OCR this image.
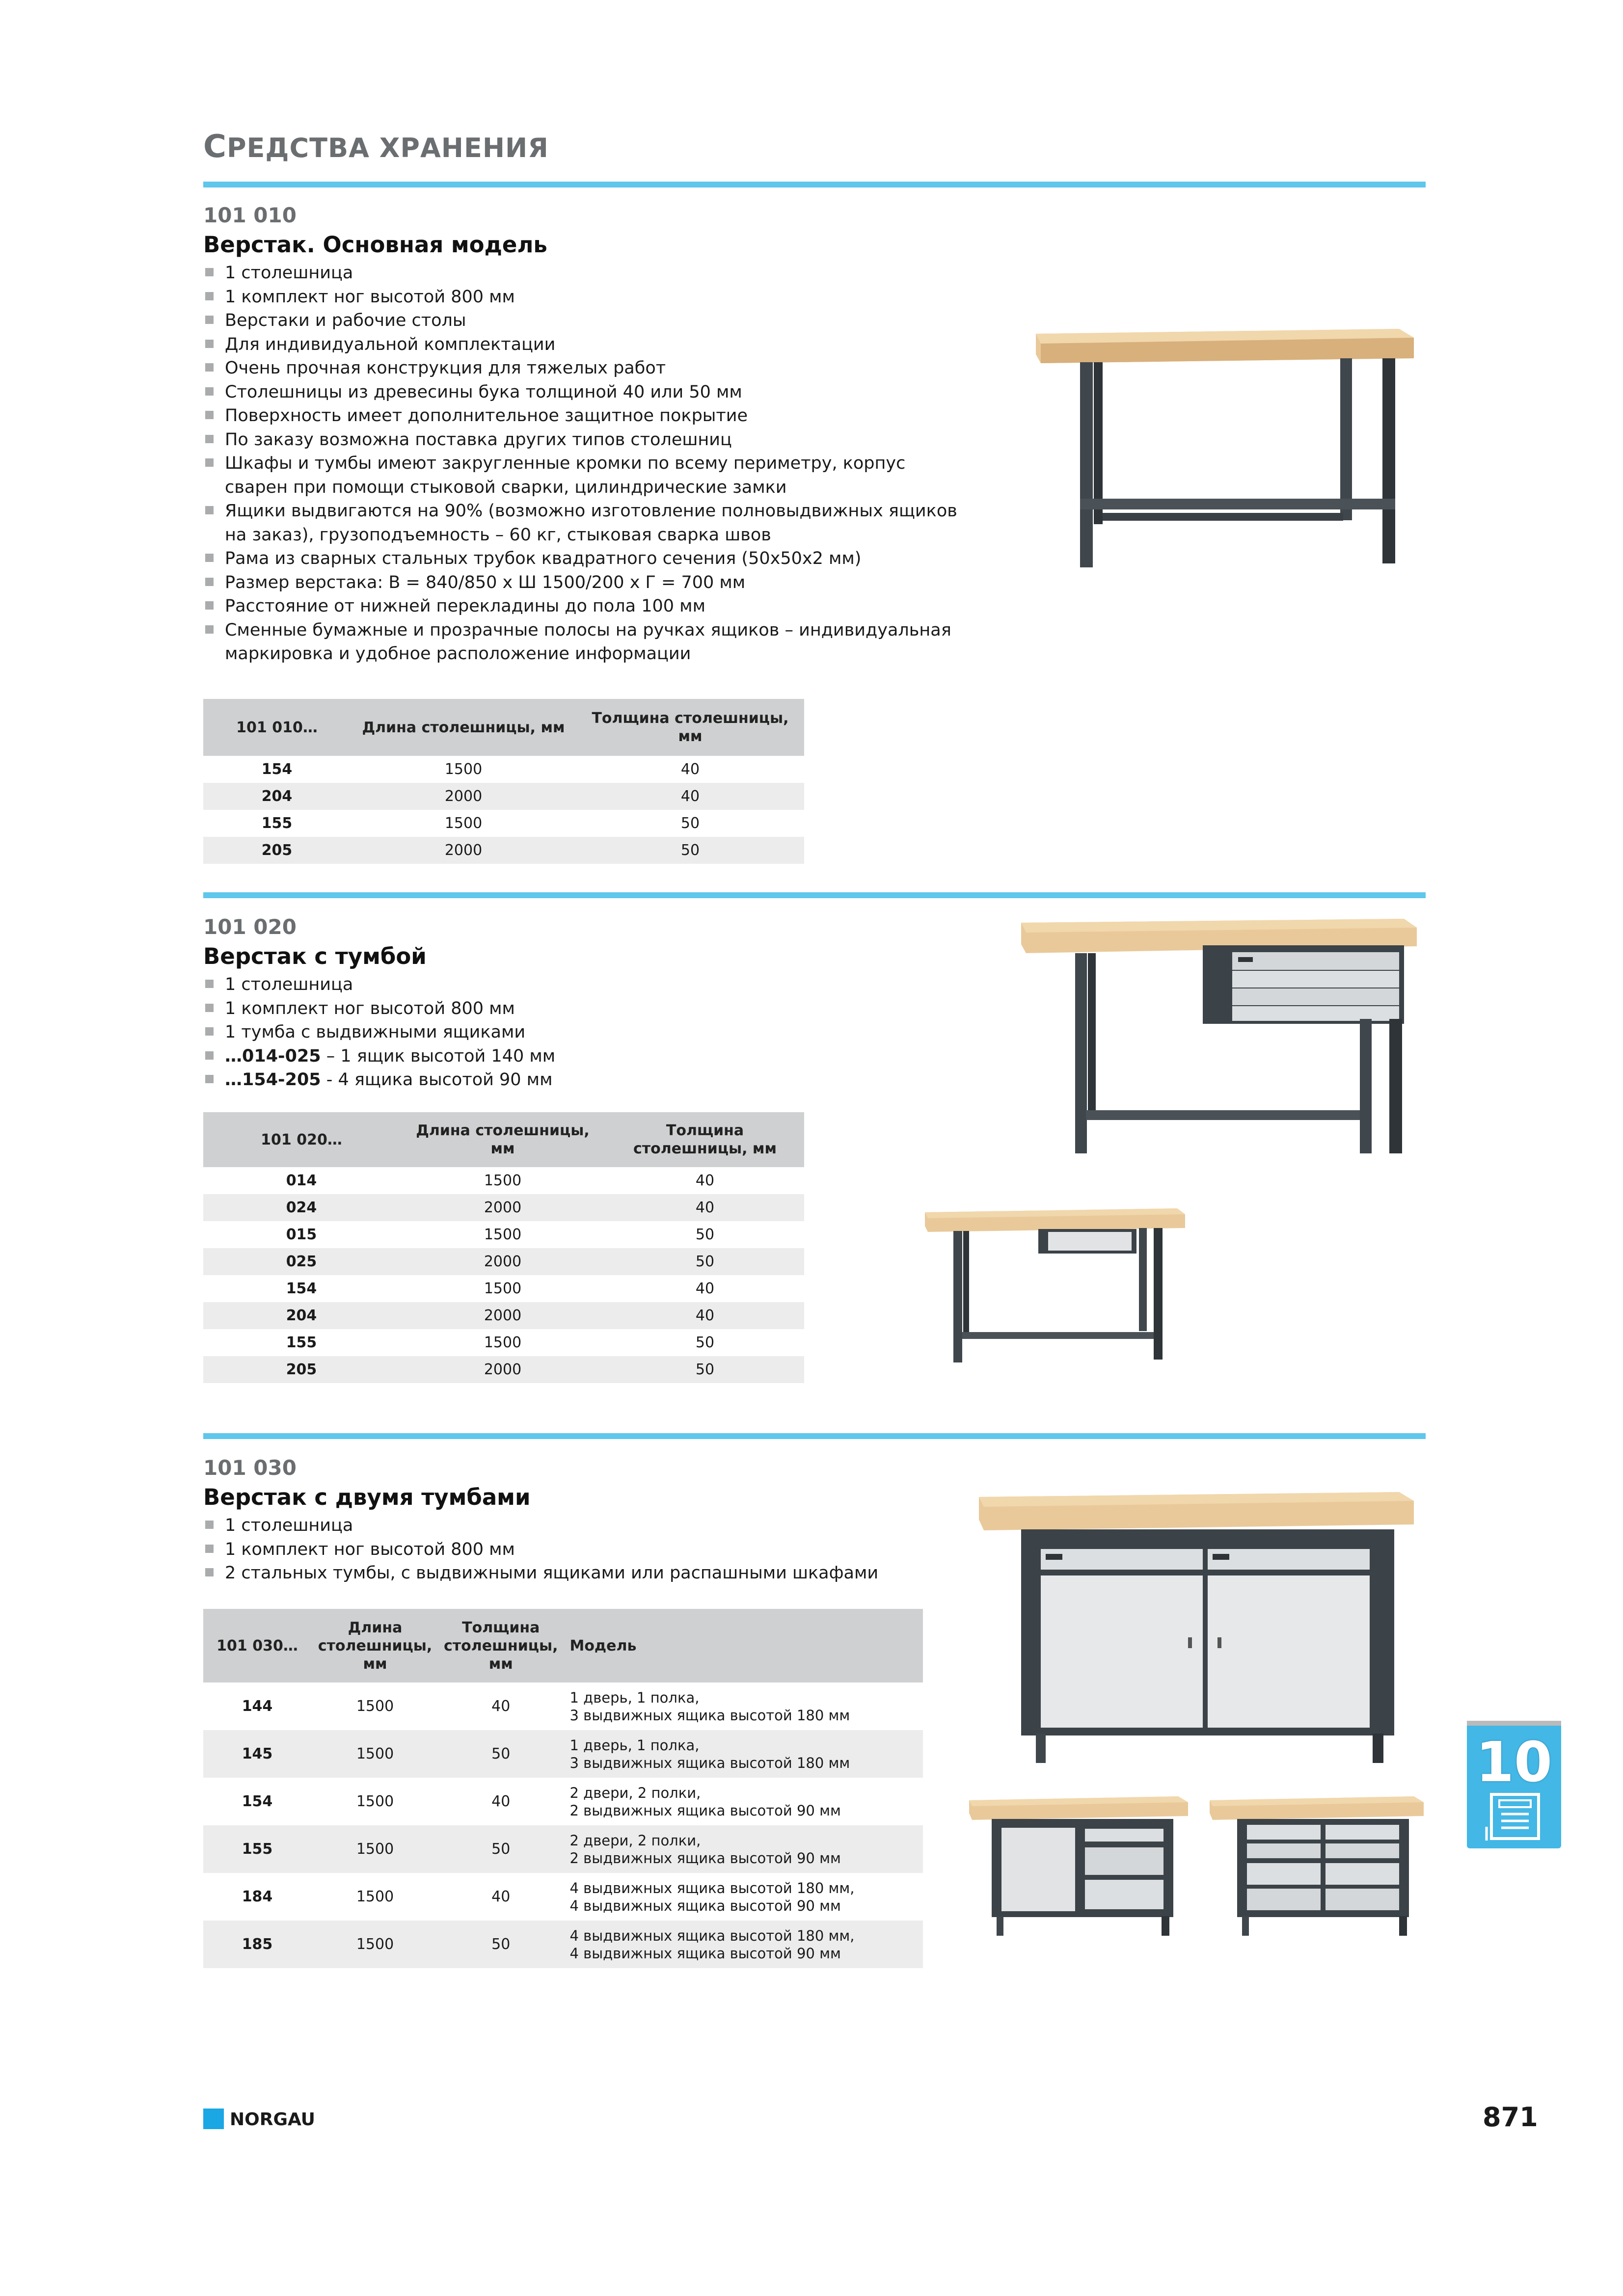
СРЕДСТВА ХРАНЕНИЯ
101 010
Верстак. Основная модель
1 столешница
1 комплект ног высотой 800 мм
Верстаки и рабочие столы
Для индивидуальной комплектации
Очень прочная конструкция для тяжелых работ
Столешницы из древесины бука толщиной 40 или 50 мм
Поверхность имеет дополнительное защитное покрытие
По заказу возможна поставка других типов столешниц
Шкафы и тумбы имеют закругленные кромки по всему периметру, корпус сварен при помощи стыковой сварки, цилиндрические замки
Ящики выдвигаются на 90% (возможно изготовление полновыдвижных ящиков на заказ), грузоподъемность – 60 кг, стыковая сварка швов
Рама из сварных стальных трубок квадратного сечения (50x50x2 мм)
Размер верстака: В = 840/850 х Ш 1500/200 х Г = 700 мм
Расстояние от нижней перекладины до пола 100 мм
Сменные бумажные и прозрачные полосы на ручках ящиков – индивидуальная маркировка и удобное расположение информации
101 010…	Длина столешницы, мм	Толщина столешницы, мм
154	1500	40
204	2000	40
155	1500	50
205	2000	50
101 020
Верстак с тумбой
1 столешница
1 комплект ног высотой 800 мм
1 тумба с выдвижными ящиками
…014-025 – 1 ящик высотой 140 мм
…154-205 - 4 ящика высотой 90 мм
101 020…	Длина столешницы, мм	Толщина столешницы, мм
014	1500	40
024	2000	40
015	1500	50
025	2000	50
154	1500	40
204	2000	40
155	1500	50
205	2000	50
101 030
Верстак с двумя тумбами
1 столешница
1 комплект ног высотой 800 мм
2 стальных тумбы, с выдвижными ящиками или распашными шкафами
101 030…	Длина столешницы, мм	Толщина столешницы, мм	Модель
144	1500	40	1 дверь, 1 полка,
3 выдвижных ящика высотой 180 мм

145	1500	50	1 дверь, 1 полка,
3 выдвижных ящика высотой 180 мм

154	1500	40	2 двери, 2 полки,
2 выдвижных ящика высотой 90 мм

155	1500	50	2 двери, 2 полки,
2 выдвижных ящика высотой 90 мм

184	1500	40	4 выдвижных ящика высотой 180 мм,
4 выдвижных ящика высотой 90 мм

185	1500	50	4 выдвижных ящика высотой 180 мм,
4 выдвижных ящика высотой 90 мм
10
NORGAU	871
